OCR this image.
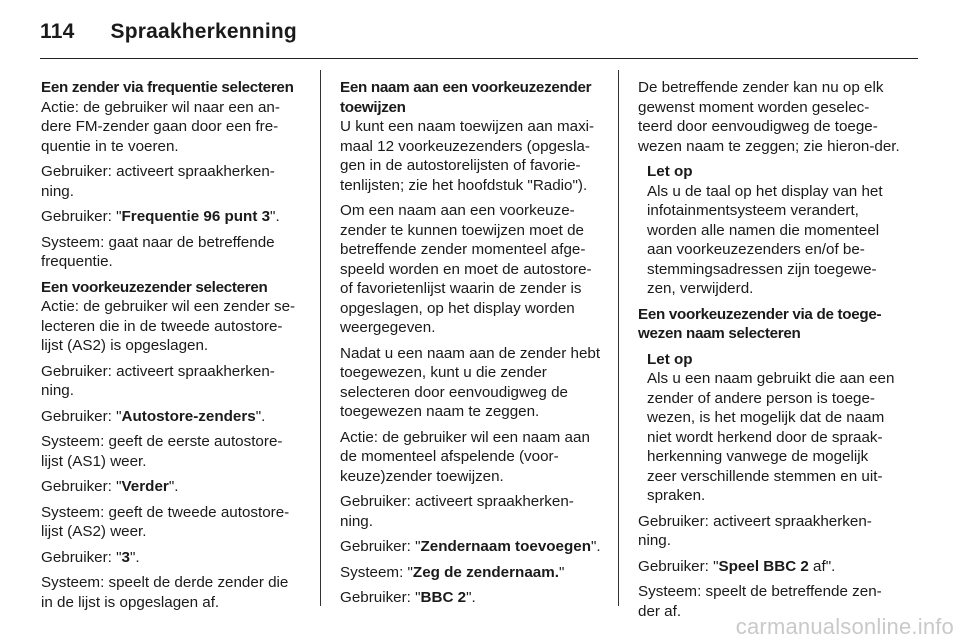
114 Spraakherkenning
Een zender via frequentie selecteren
Actie: de gebruiker wil naar een an-dere FM-zender gaan door een fre-quentie in te voeren.
Gebruiker: activeert spraakherken-ning.
Gebruiker: "Frequentie 96 punt 3".
Systeem: gaat naar de betreffende frequentie.
Een voorkeuzezender selecteren
Actie: de gebruiker wil een zender se-lecteren die in de tweede autostore-lijst (AS2) is opgeslagen.
Gebruiker: activeert spraakherken-ning.
Gebruiker: "Autostore-zenders".
Systeem: geeft de eerste autostore-lijst (AS1) weer.
Gebruiker: "Verder".
Systeem: geeft de tweede autostore-lijst (AS2) weer.
Gebruiker: "3".
Systeem: speelt de derde zender die in de lijst is opgeslagen af.
Een naam aan een voorkeuzezender toewijzen
U kunt een naam toewijzen aan maxi-maal 12 voorkeuzezenders (opgesla-gen in de autostorelijsten of favorie-tenlijsten; zie het hoofdstuk "Radio").
Om een naam aan een voorkeuze-zender te kunnen toewijzen moet de betreffende zender momenteel afge-speeld worden en moet de autostore-of favorietenlijst waarin de zender is opgeslagen, op het display worden weergegeven.
Nadat u een naam aan de zender hebt toegewezen, kunt u die zender selecteren door eenvoudigweg de toegewezen naam te zeggen.
Actie: de gebruiker wil een naam aan de momenteel afspelende (voor-keuze)zender toewijzen.
Gebruiker: activeert spraakherken-ning.
Gebruiker: "Zendernaam toevoegen".
Systeem: "Zeg de zendernaam."
Gebruiker: "BBC 2".
De betreffende zender kan nu op elk gewenst moment worden geselec-teerd door eenvoudigweg de toege-wezen naam te zeggen; zie hieron-der.
Let op
Als u de taal op het display van het infotainmentsysteem verandert, worden alle namen die momenteel aan voorkeuzezenders en/of be-stemmingsadressen zijn toegewe-zen, verwijderd.
Een voorkeuzezender via de toege-wezen naam selecteren
Let op
Als u een naam gebruikt die aan een zender of andere person is toege-wezen, is het mogelijk dat de naam niet wordt herkend door de spraak-herkenning vanwege de mogelijk zeer verschillende stemmen en uit-spraken.
Gebruiker: activeert spraakherken-ning.
Gebruiker: "Speel BBC 2 af".
Systeem: speelt de betreffende zen-der af.
carmanualsonline.info
